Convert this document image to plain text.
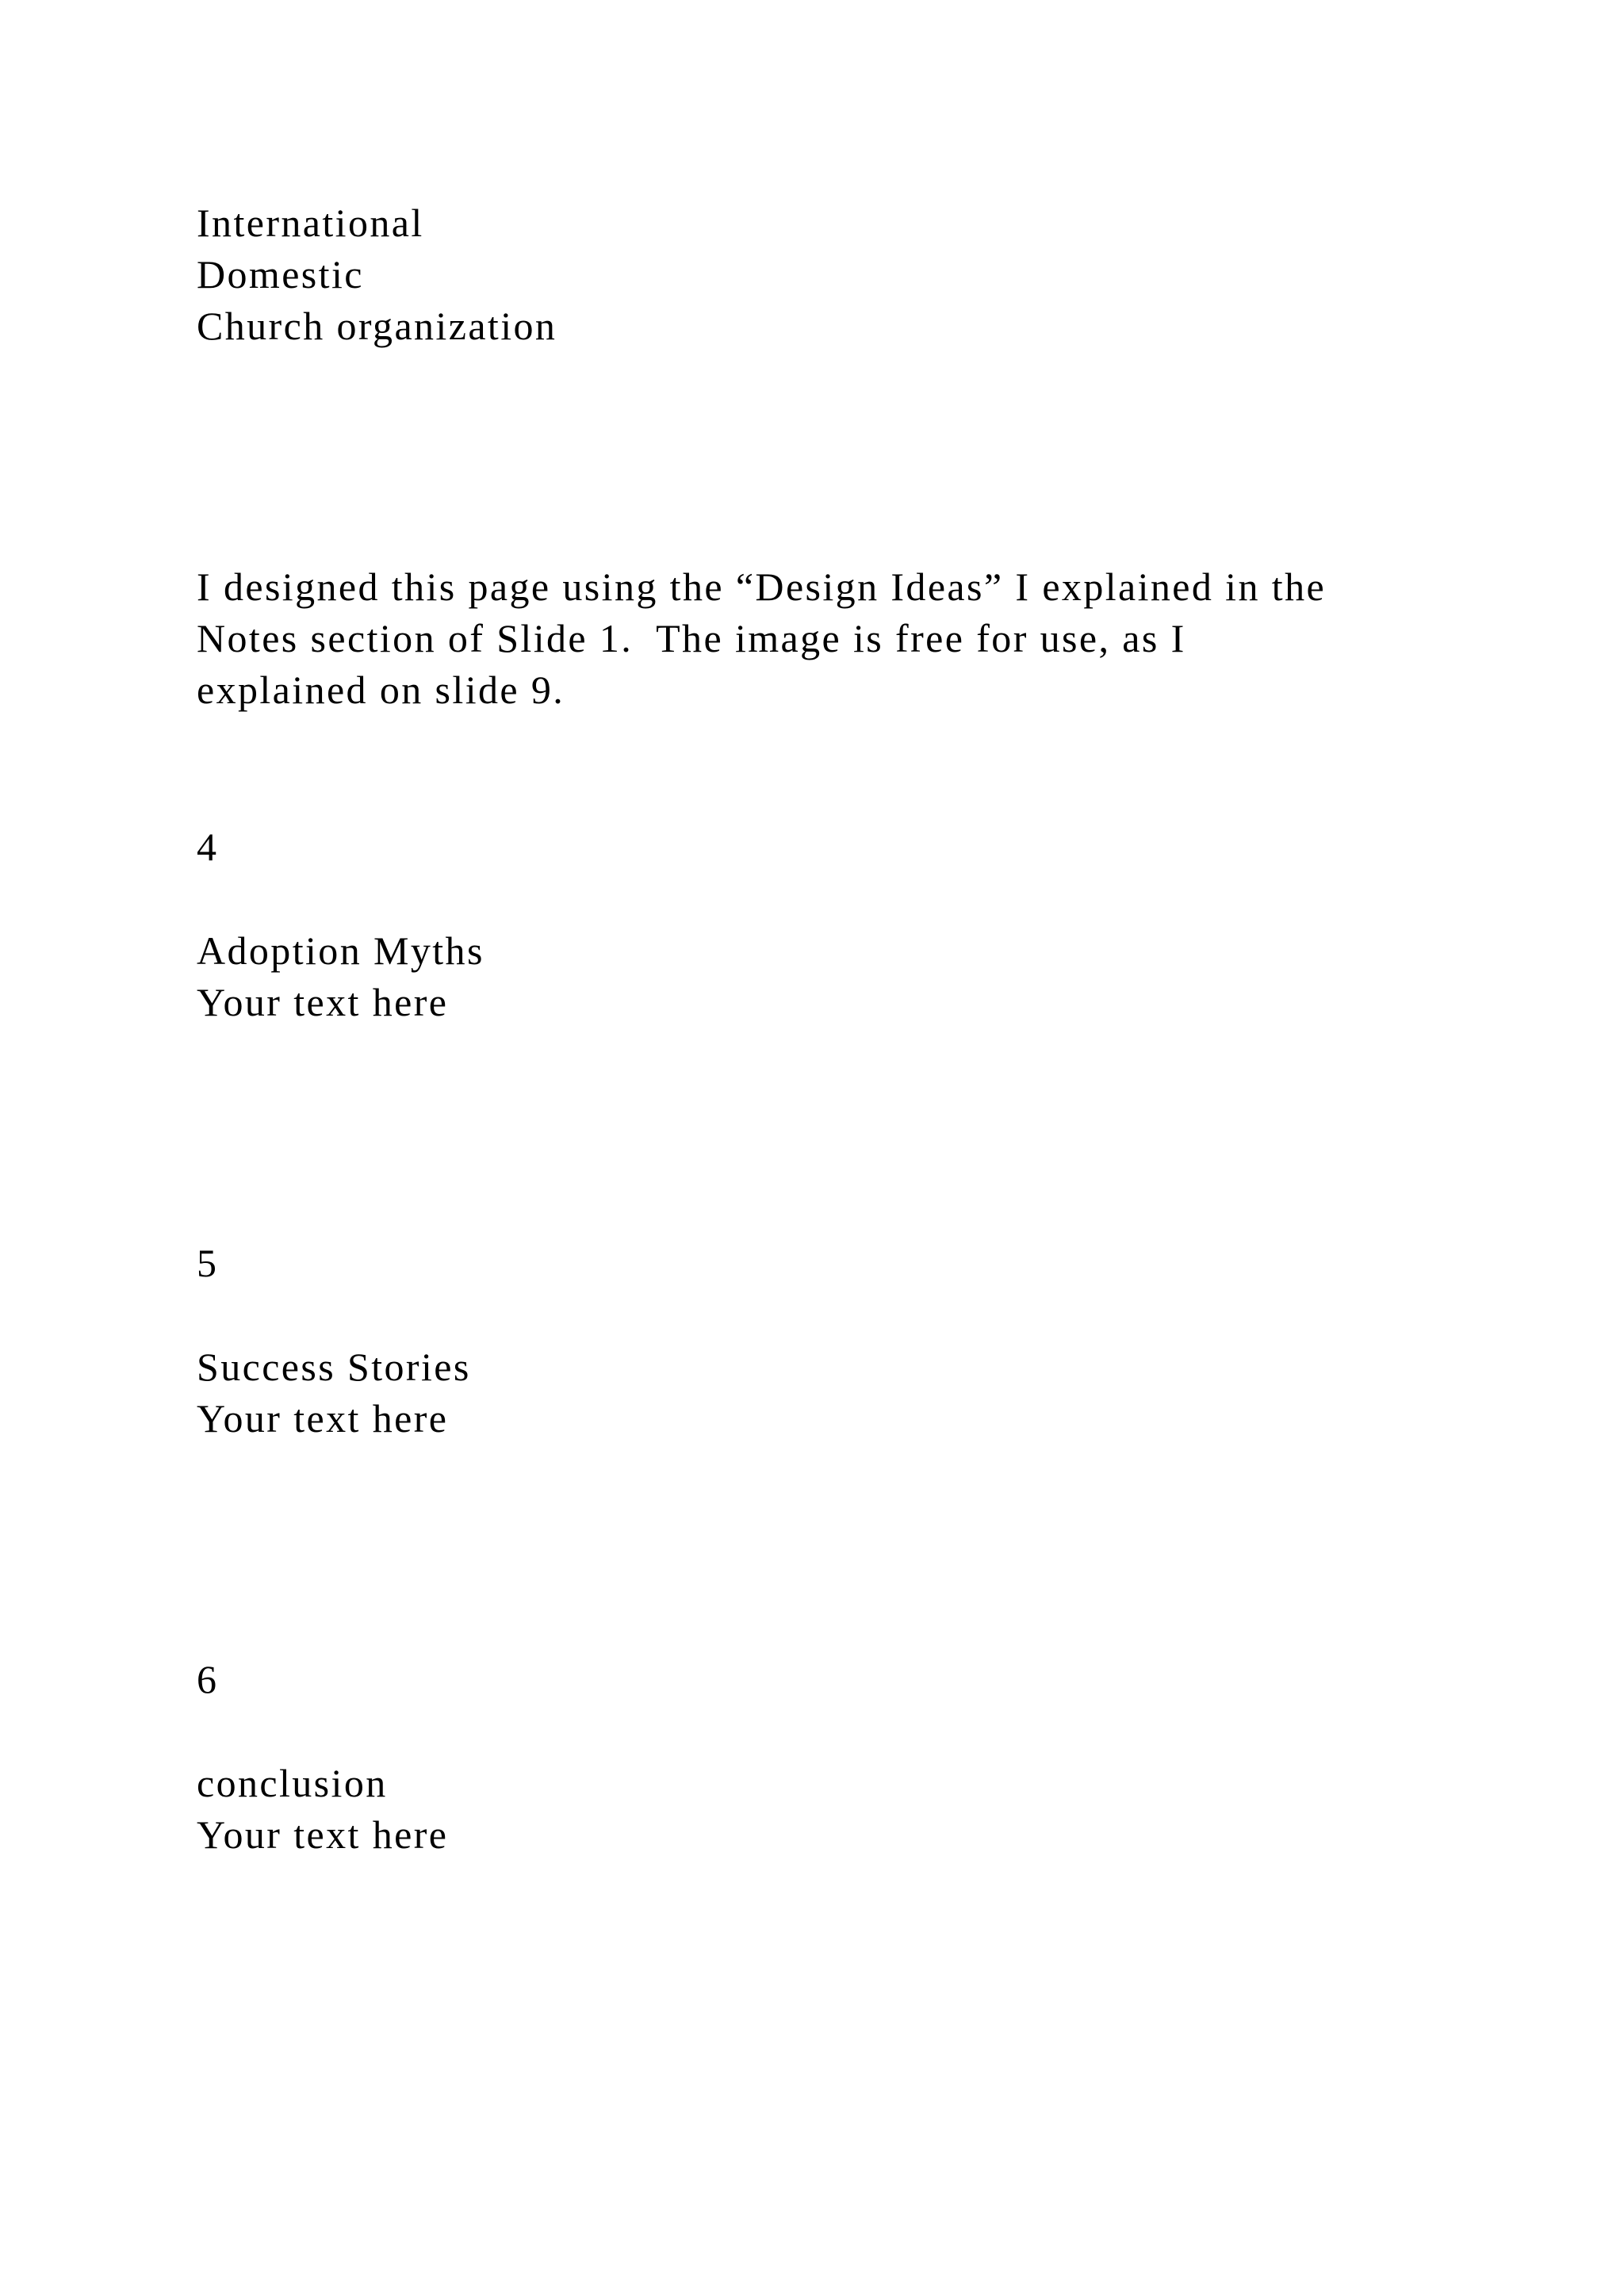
International

Domestic

Church organization

I designed this page using the “Design Ideas” I explained in the

Notes section of Slide 1.  The image is free for use, as I

explained on slide 9.

4

Adoption Myths

Your text here

5

Success Stories

Your text here

6

conclusion

Your text here
